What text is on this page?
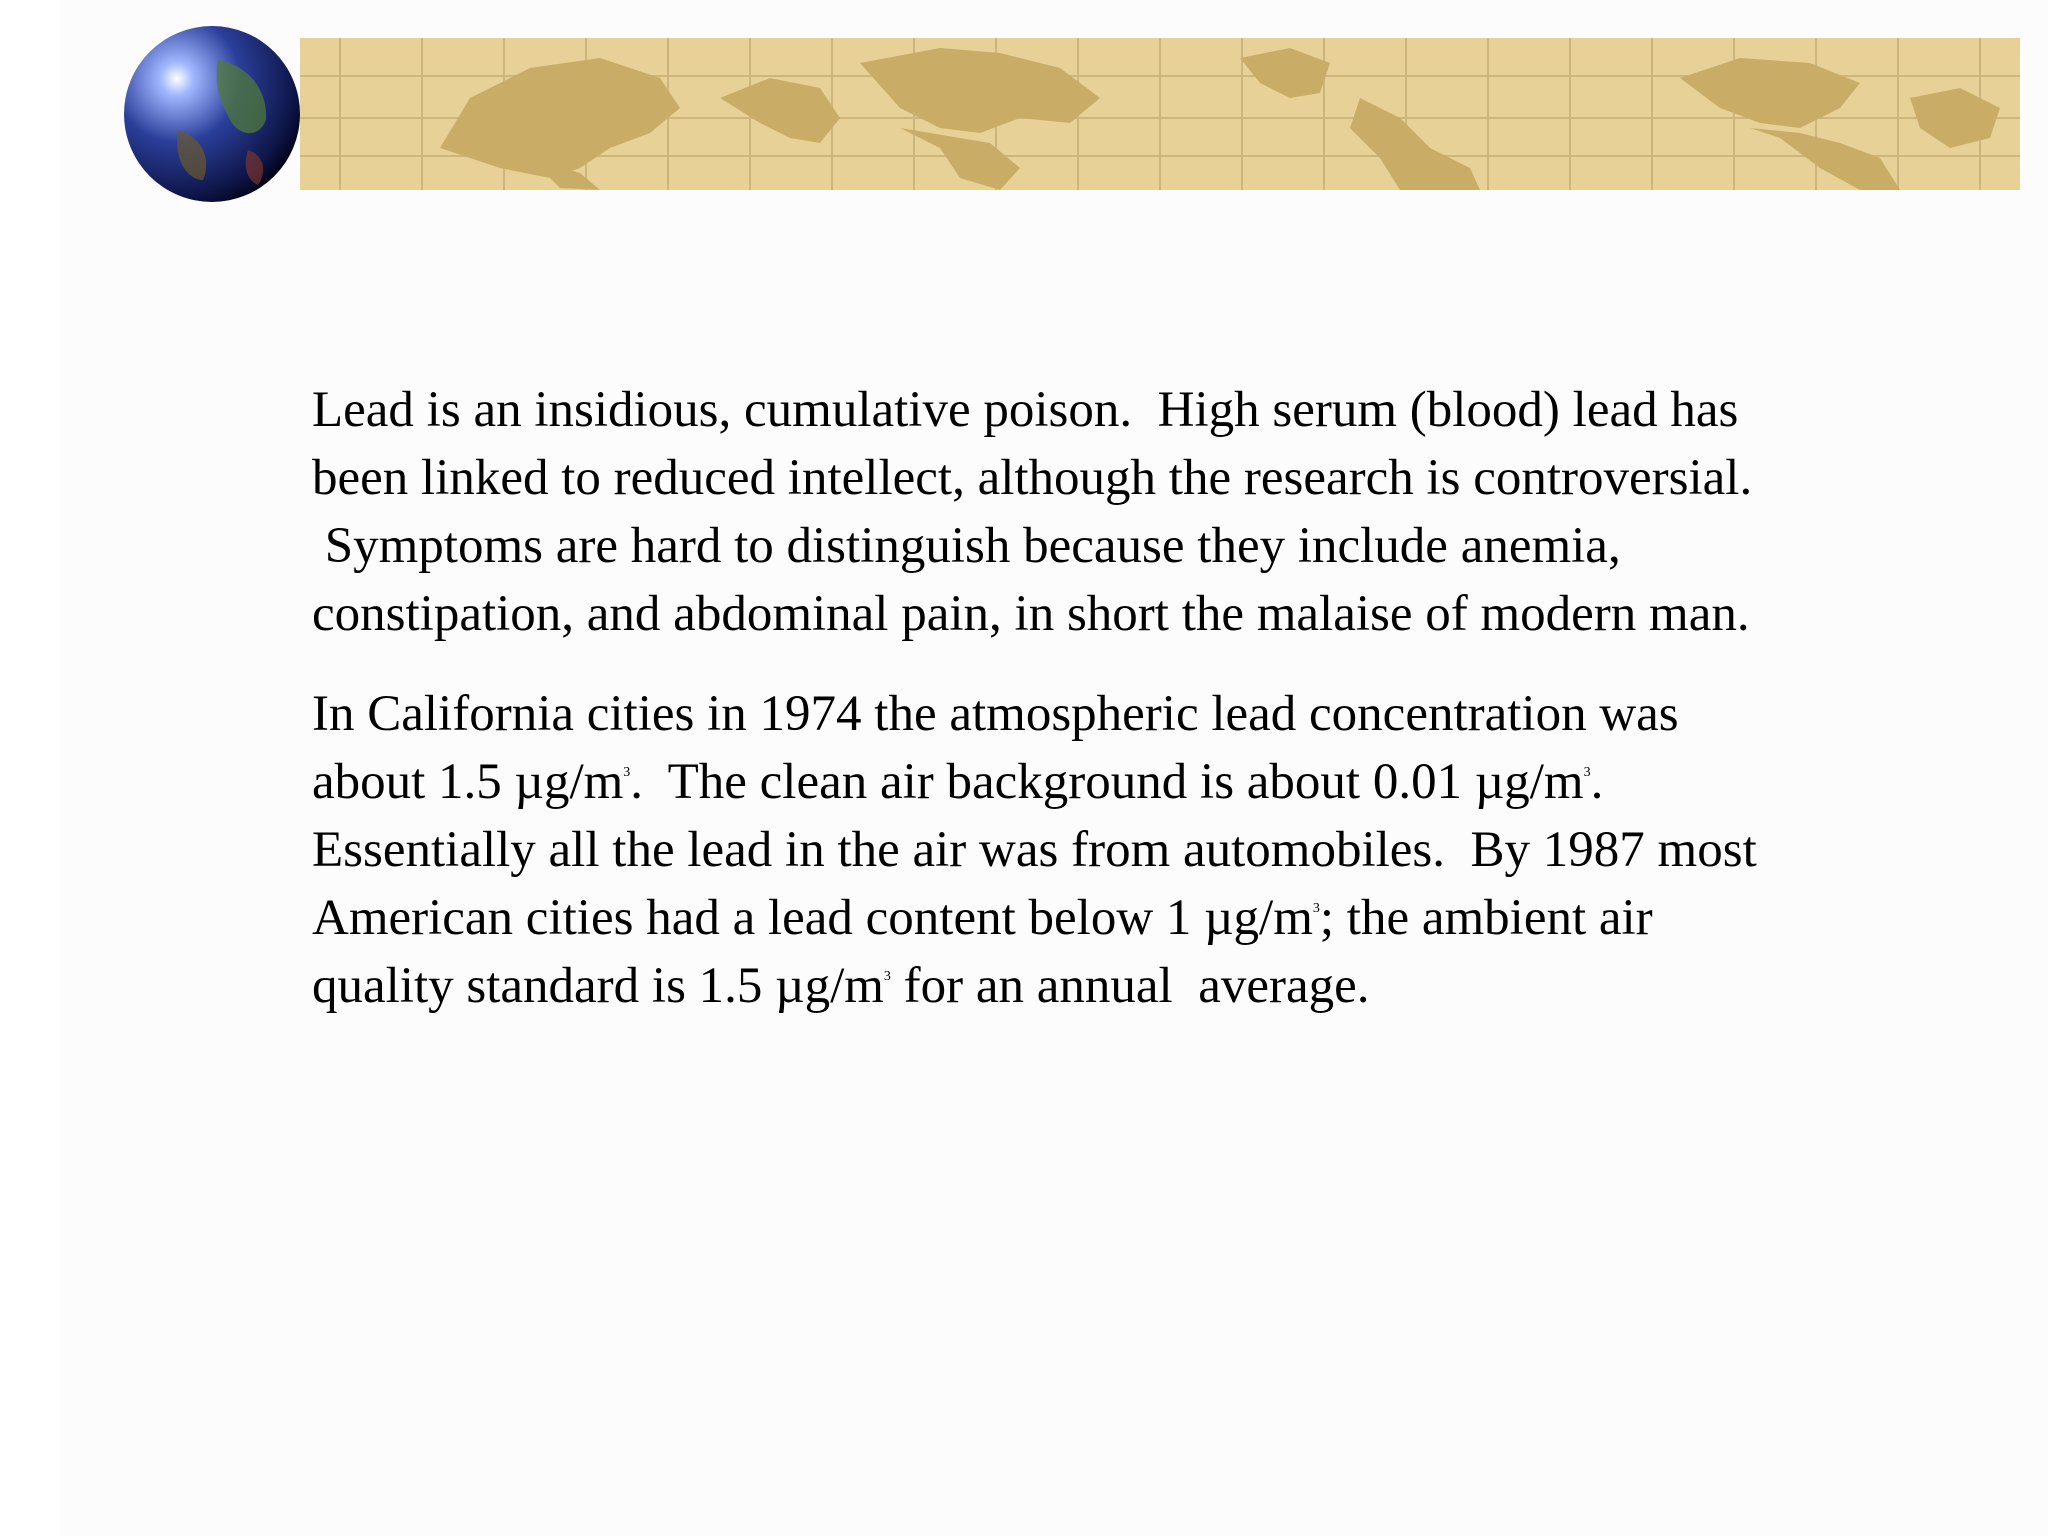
Lead is an insidious, cumulative poison.  High serum (blood) lead has
been linked to reduced intellect, although the research is controversial.
Symptoms are hard to distinguish because they include anemia,
constipation, and abdominal pain, in short the malaise of modern man.
In California cities in 1974 the atmospheric lead concentration was
about 1.5 $\mu g/m^3$.  The clean air background is about 0.01 $\mu g/m^3$.
Essentially all the lead in the air was from automobiles.  By 1987 most
American cities had a lead content below 1 $\mu g/m^3$; the ambient air
quality standard is 1.5 $\mu g/m^3$ for an annual  average.
